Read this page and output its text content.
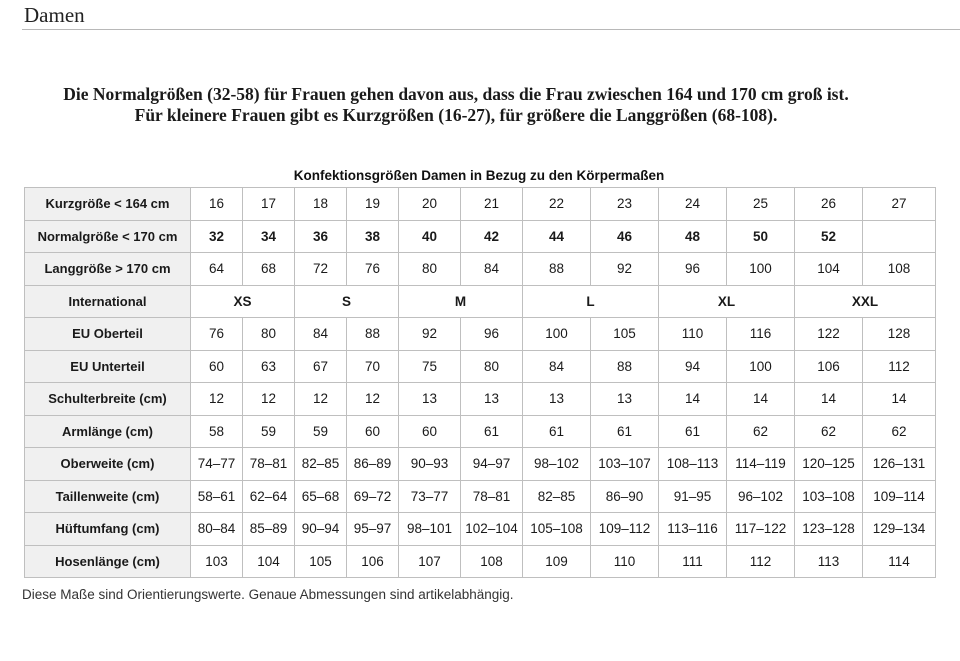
Damen

Die Normalgrößen (32-58) für Frauen gehen davon aus, dass die Frau zwieschen 164 und 170 cm groß ist.

Für kleinere Frauen gibt es Kurzgrößen (16-27), für größere die Langgrößen (68-108).

Konfektionsgrößen Damen in Bezug zu den Körpermaßen
Kurzgröße < 164 cm	16	17	18	19	20	21	22	23	24	25	26	27
Normalgröße < 170 cm	32	34	36	38	40	42	44	46	48	50	52	
Langgröße > 170 cm	64	68	72	76	80	84	88	92	96	100	104	108
International	XS		S		M		L		XL		XXL	
EU Oberteil	76	80	84	88	92	96	100	105	110	116	122	128
EU Unterteil	60	63	67	70	75	80	84	88	94	100	106	112
Schulterbreite (cm)	12	12	12	12	13	13	13	13	14	14	14	14
Armlänge (cm)	58	59	59	60	60	61	61	61	61	62	62	62
Oberweite (cm)	74–77	78–81	82–85	86–89	90–93	94–97	98–102	103–107	108–113	114–119	120–125	126–131
Taillenweite (cm)	58–61	62–64	65–68	69–72	73–77	78–81	82–85	86–90	91–95	96–102	103–108	109–114
Hüftumfang (cm)	80–84	85–89	90–94	95–97	98–101	102–104	105–108	109–112	113–116	117–122	123–128	129–134
Hosenlänge (cm)	103	104	105	106	107	108	109	110	111	112	113	114
Diese Maße sind Orientierungswerte. Genaue Abmessungen sind artikelabhängig.
